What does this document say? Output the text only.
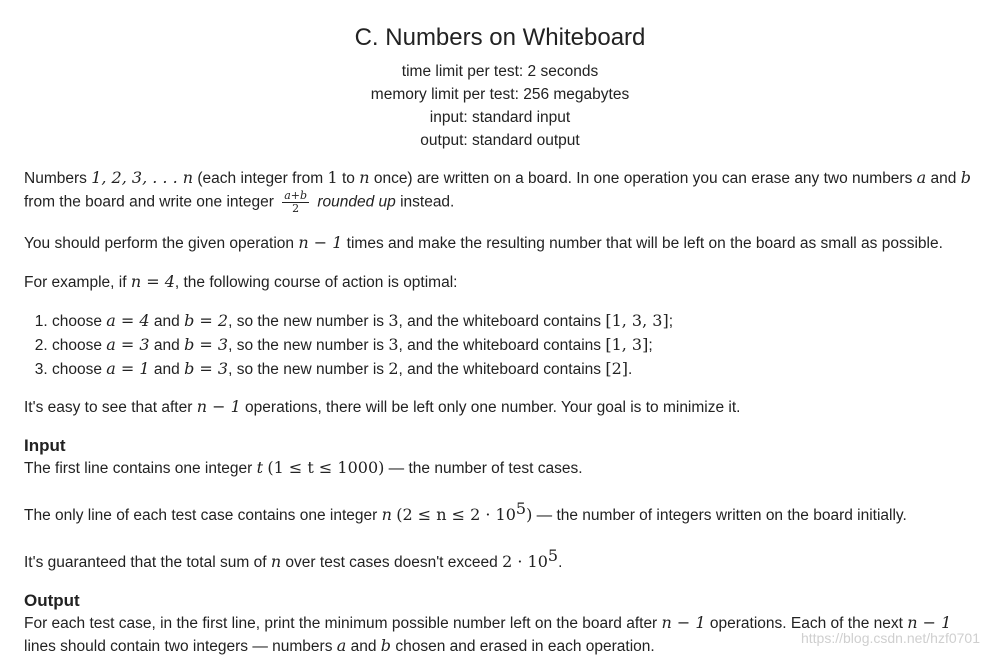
C. Numbers on Whiteboard
time limit per test: 2 seconds
memory limit per test: 256 megabytes
input: standard input
output: standard output

Numbers 1, 2, 3, . . . n (each integer from 1 to n once) are written on a board. In one operation you can erase any two numbers a and b

from the board and write one integer $\frac{a+b}{2}$ rounded up instead.

You should perform the given operation n − 1 times and make the resulting number that will be left on the board as small as possible.

For example, if n = 4, the following course of action is optimal:

1. choose a = 4 and b = 2, so the new number is 3, and the whiteboard contains [1, 3, 3];
2. choose a = 3 and b = 3, so the new number is 3, and the whiteboard contains [1, 3];
3. choose a = 1 and b = 3, so the new number is 2, and the whiteboard contains [2].

It's easy to see that after n − 1 operations, there will be left only one number. Your goal is to minimize it.

Input

The first line contains one integer t (1 ≤ t ≤ 1000) — the number of test cases.

The only line of each test case contains one integer n $(2 \le n \le 2 \cdot 10^5)$ — the number of integers written on the board initially.

It's guaranteed that the total sum of n over test cases doesn't exceed $2 \cdot 10^5$.

Output

For each test case, in the first line, print the minimum possible number left on the board after n − 1 operations. Each of the next n − 1

lines should contain two integers — numbers a and b chosen and erased in each operation.

https://blog.csdn.net/hzf0701
